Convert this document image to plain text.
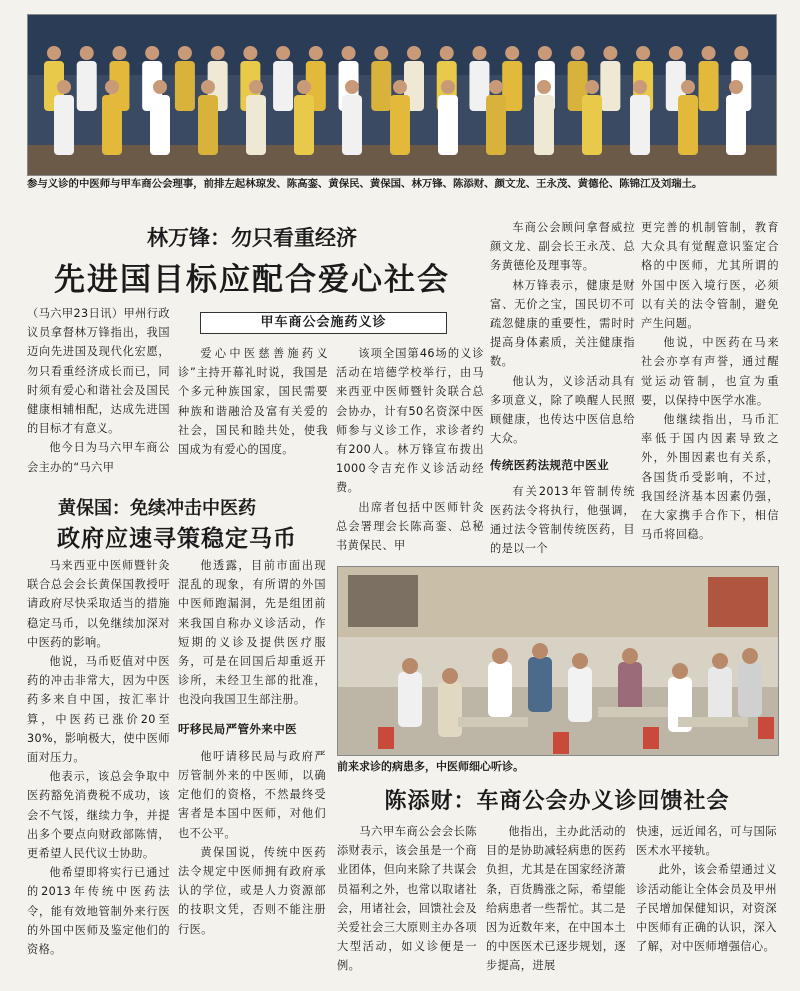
参与义诊的中医师与甲车商公会理事，前排左起林琼发、陈高銮、黄保民、黄保国、林万锋、陈添财、颜文龙、王永茂、黄德伦、陈锦江及刘瑞土。
林万锋：勿只看重经济
先进国目标应配合爱心社会

（马六甲23日讯）甲州行政议员拿督林万锋指出，我国迈向先进国及现代化宏愿，勿只看重经济成长而已，同时须有爱心和谐社会及国民健康相辅相配，达成先进国的目标才有意义。

他今日为马六甲车商公会主办的“马六甲

甲车商公会施药义诊

爱心中医慈善施药义诊”主持开幕礼时说，我国是个多元种族国家，国民需要种族和谐融洽及富有关爱的社会，国民和睦共处，使我国成为有爱心的国度。

该项全国第46场的义诊活动在培德学校举行，由马来西亚中医师暨针灸联合总会协办，计有50名资深中医师参与义诊工作，求诊者约有200人。林万锋宣布拨出1000令吉充作义诊活动经费。

出席者包括中医师针灸总会署理会长陈高銮、总秘书黄保民、甲

车商公会顾问拿督威拉颜文龙、副会长王永茂、总务黄德伦及理事等。

林万锋表示，健康是财富、无价之宝，国民切不可疏忽健康的重要性，需时时提高身体素质，关注健康指数。

他认为，义诊活动具有多项意义，除了唤醒人民照顾健康，也传达中医信息给大众。

传统医药法规范中医业

有关2013年管制传统医药法令将执行，他强调，通过法令管制传统医药，目的是以一个

更完善的机制管制，教育大众具有觉醒意识鉴定合格的中医师，尤其所谓的外国中医入境行医，必须以有关的法令管制，避免产生问题。

他说，中医药在马来社会亦享有声誉，通过醒觉运动管制，也宣为重要，以保持中医学水准。

他继续指出，马币汇率低于国内因素导致之外，外围因素也有关系，各国货币受影响，不过，我国经济基本因素仍强，在大家携手合作下，相信马币将回稳。

黄保国：免续冲击中医药
政府应速寻策稳定马币

马来西亚中医师暨针灸联合总会会长黄保国教授吁请政府尽快采取适当的措施稳定马币，以免继续加深对中医药的影响。

他说，马币贬值对中医药的冲击非常大，因为中医药多来自中国，按汇率计算，中医药已涨价20至30%，影响极大，使中医师面对压力。

他表示，该总会争取中医药豁免消费税不成功，该会不气馁，继续力争，并提出多个要点向财政部陈情，更希望人民代议士协助。

他希望即将实行已通过的2013年传统中医药法令，能有效地管制外来行医的外国中医师及鉴定他们的资格。

他透露，目前市面出现混乱的现象，有所谓的外国中医师跑漏洞，先是组团前来我国自称办义诊活动，作短期的义诊及提供医疗服务，可是在回国后却重返开诊所，未经卫生部的批准，也没向我国卫生部注册。

吁移民局严管外来中医

他吁请移民局与政府严厉管制外来的中医师，以确定他们的资格，不然最终受害者是本国中医师，对他们也不公平。

黄保国说，传统中医药法令规定中医师拥有政府承认的学位，或是人力资源部的技职文凭，否则不能注册行医。

前来求诊的病患多，中医师细心听诊。
陈添财：车商公会办义诊回馈社会

马六甲车商公会会长陈添财表示，该会虽是一个商业团体，但向来除了共谋会员福利之外，也常以取诸社会，用诸社会，回馈社会及关爱社会三大原则主办各项大型活动，如义诊便是一例。

他指出，主办此活动的目的是协助减轻病患的医药负担，尤其是在国家经济萧条，百货腾涨之际，希望能给病患者一些帮忙。其二是因为近数年来，在中国本土的中医医术已逐步规划，逐步提高，进展

快速，远近闻名，可与国际医术水平接轨。

此外，该会希望通过义诊活动能让全体会员及甲州子民增加保健知识，对资深中医师有正确的认识，深入了解，对中医师增强信心。
